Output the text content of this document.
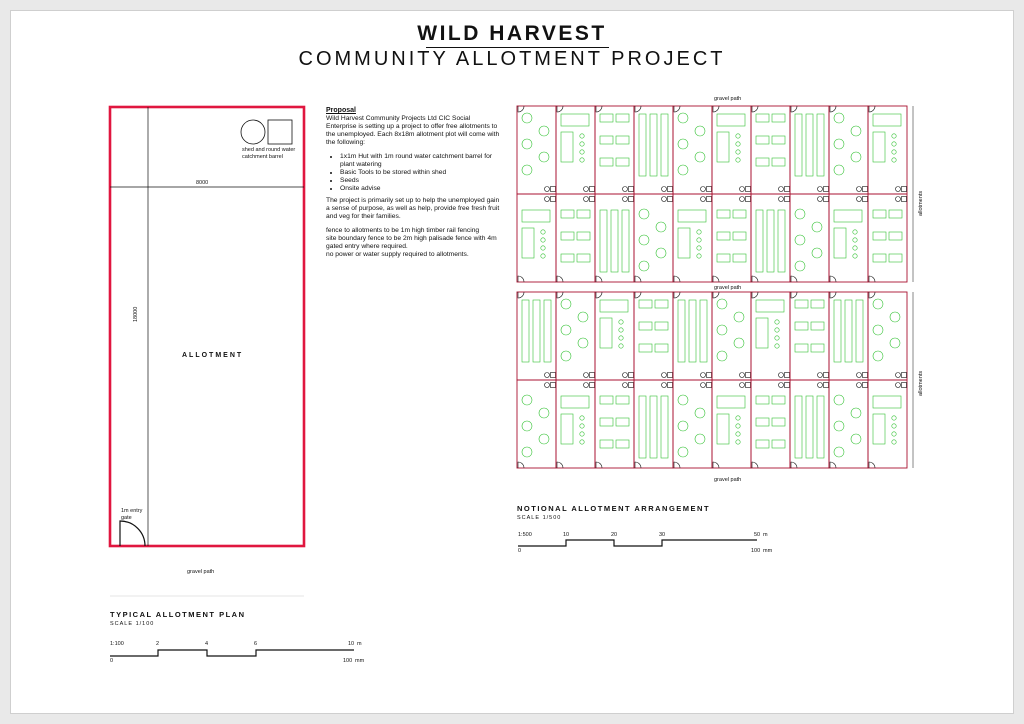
WILD HARVEST
COMMUNITY ALLOTMENT PROJECT
shed and round water catchment barrel
8000
18000
ALLOTMENT
1m entry gate
gravel path
TYPICAL ALLOTMENT PLAN
SCALE 1/100
1:100	2	4	6	10 m
0	100 mm
Proposal

Wild Harvest Community Projects Ltd CIC Social Enterprise is setting up a project to offer free allotments to the unemployed. Each 8x18m allotment plot will come with the following:

• 1x1m Hut with 1m round water catchment barrel for plant watering
• Basic Tools to be stored within shed
• Seeds
• Onsite advise

The project is primarily set up to help the unemployed gain a sense of purpose, as well as help, provide free fresh fruit and veg for their families.

fence to allotments to be 1m high timber rail fencing
site boundary fence to be 2m high palisade fence with 4m gated entry where required.
no power or water supply required to allotments.
gravel path
gravel path
gravel path
allotments
allotments
NOTIONAL ALLOTMENT ARRANGEMENT
SCALE 1/500
1:500	10	20	30	50 m
0	100 mm
